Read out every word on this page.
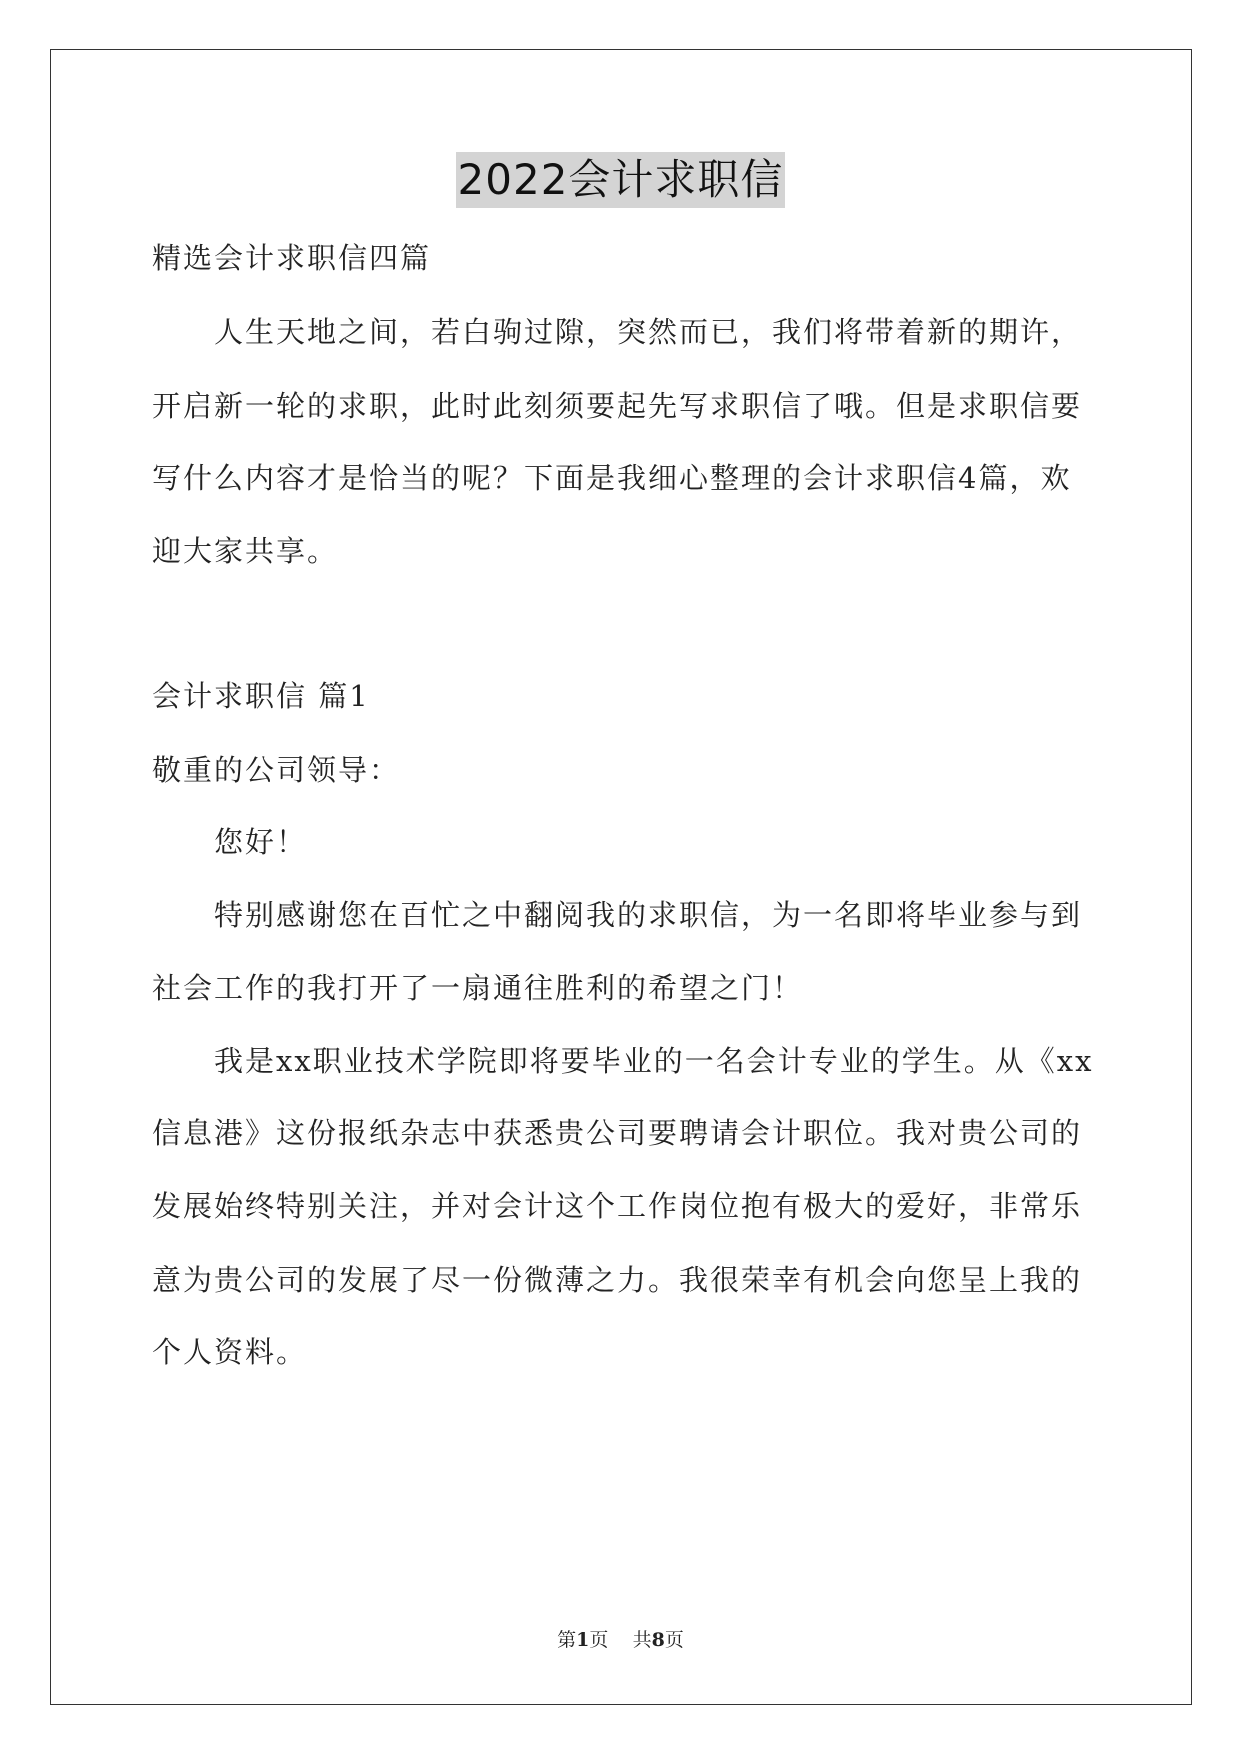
2022会计求职信
精选会计求职信四篇
人生天地之间，若白驹过隙，突然而已，我们将带着新的期许，
开启新一轮的求职，此时此刻须要起先写求职信了哦。但是求职信要
写什么内容才是恰当的呢？下面是我细心整理的会计求职信4篇，欢
迎大家共享。
会计求职信 篇1
敬重的公司领导：
您好！
特别感谢您在百忙之中翻阅我的求职信，为一名即将毕业参与到
社会工作的我打开了一扇通往胜利的希望之门！
我是xx职业技术学院即将要毕业的一名会计专业的学生。从《xx
信息港》这份报纸杂志中获悉贵公司要聘请会计职位。我对贵公司的
发展始终特别关注，并对会计这个工作岗位抱有极大的爱好，非常乐
意为贵公司的发展了尽一份微薄之力。我很荣幸有机会向您呈上我的
个人资料。
第1页 共8页
